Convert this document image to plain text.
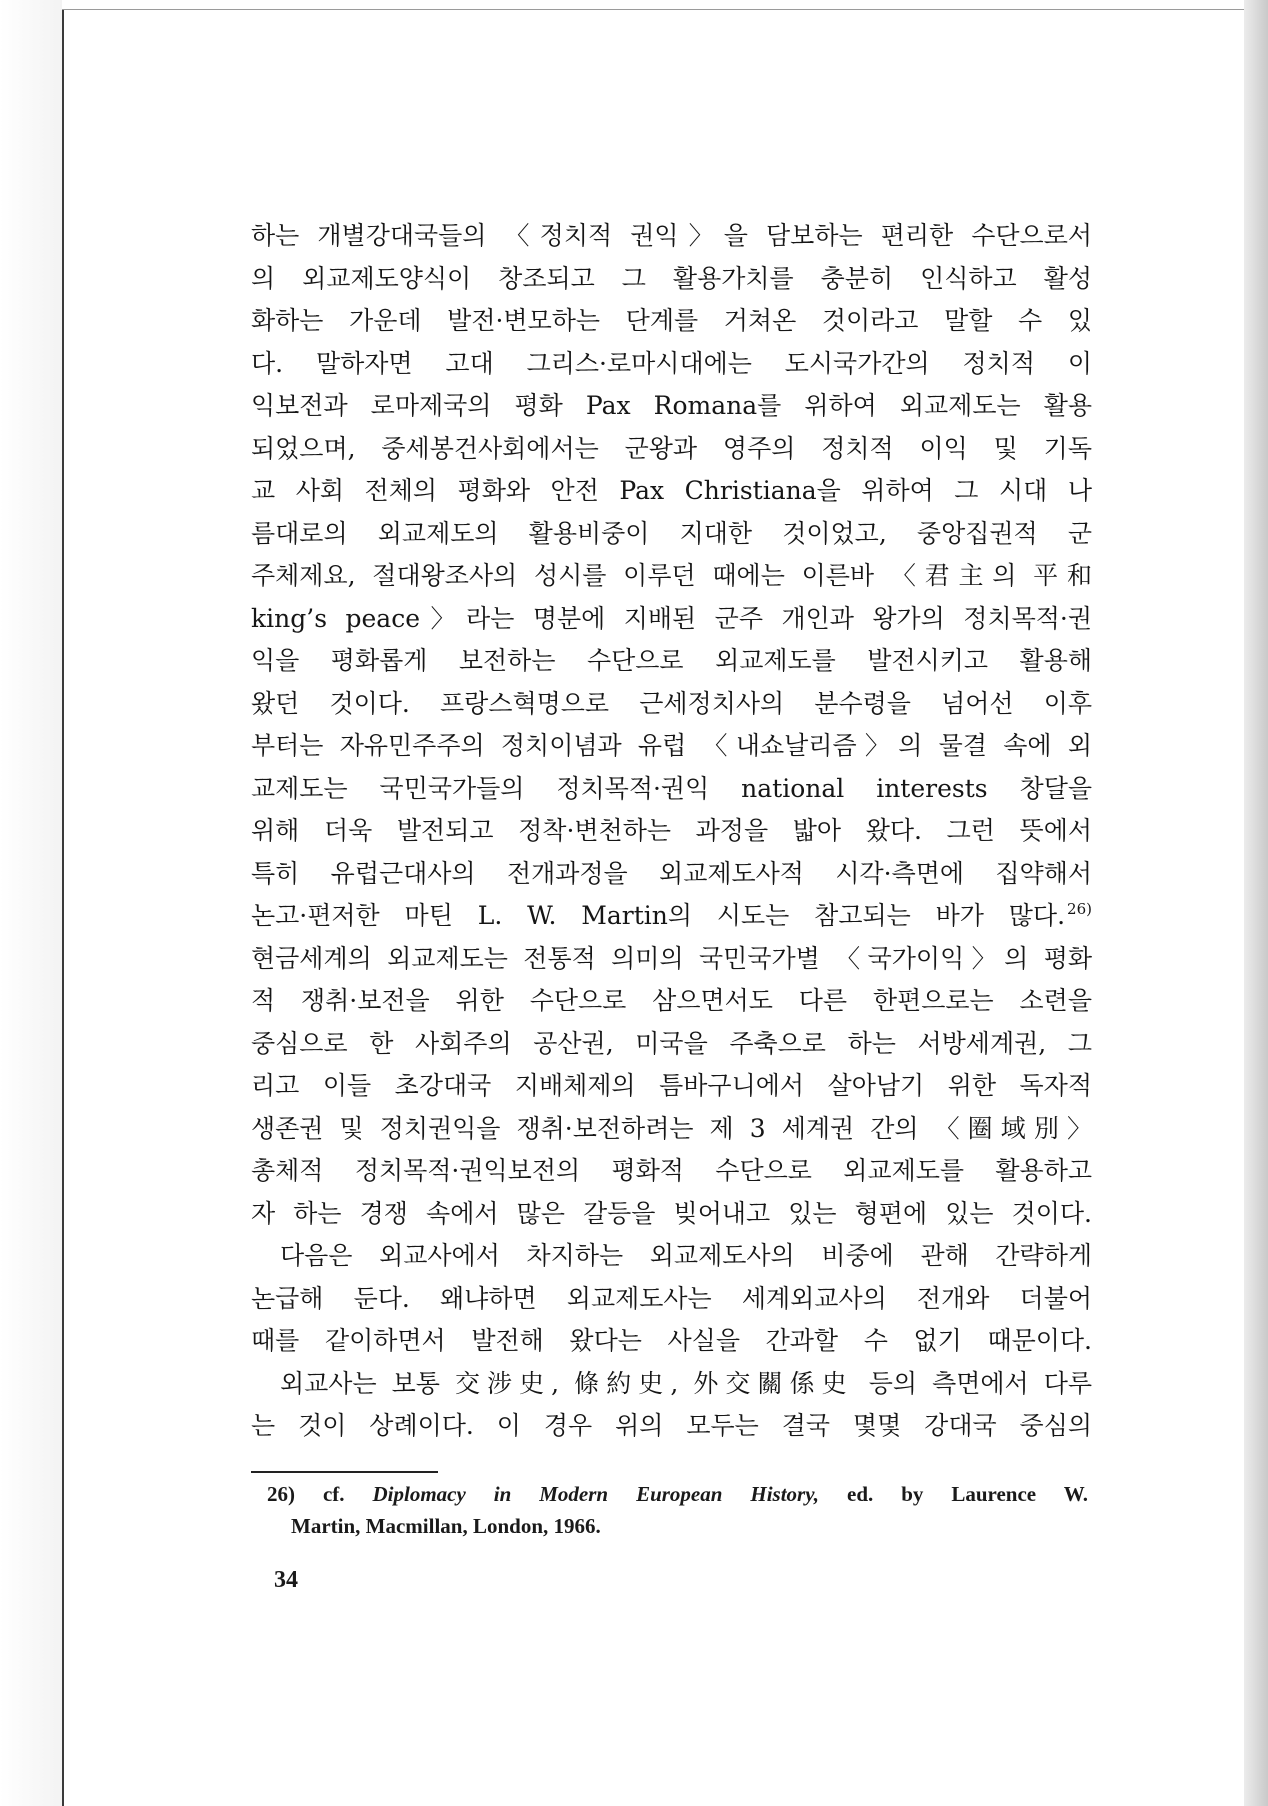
하는 개별강대국들의 〈정치적 권익〉을 담보하는 편리한 수단으로서
의 외교제도양식이 창조되고 그 활용가치를 충분히 인식하고 활성
화하는 가운데 발전·변모하는 단계를 거쳐온 것이라고 말할 수 있
다. 말하자면 고대 그리스·로마시대에는 도시국가간의 정치적 이
익보전과 로마제국의 평화 Pax Romana를 위하여 외교제도는 활용
되었으며, 중세봉건사회에서는 군왕과 영주의 정치적 이익 및 기독
교 사회 전체의 평화와 안전 Pax Christiana을 위하여 그 시대 나
름대로의 외교제도의 활용비중이 지대한 것이었고, 중앙집권적 군
주체제요, 절대왕조사의 성시를 이루던 때에는 이른바 〈君主의 平和
king’s peace〉라는 명분에 지배된 군주 개인과 왕가의 정치목적·권
익을 평화롭게 보전하는 수단으로 외교제도를 발전시키고 활용해
왔던 것이다. 프랑스혁명으로 근세정치사의 분수령을 넘어선 이후
부터는 자유민주주의 정치이념과 유럽 〈내쇼날리즘〉의 물결 속에 외
교제도는 국민국가들의 정치목적·권익 national interests 창달을
위해 더욱 발전되고 정착·변천하는 과정을 밟아 왔다. 그런 뜻에서
특히 유럽근대사의 전개과정을 외교제도사적 시각·측면에 집약해서
논고·편저한 마틴 L. W. Martin의 시도는 참고되는 바가 많다. $^{26)}$
현금세계의 외교제도는 전통적 의미의 국민국가별 〈국가이익〉의 평화
적 쟁취·보전을 위한 수단으로 삼으면서도 다른 한편으로는 소련을
중심으로 한 사회주의 공산권, 미국을 주축으로 하는 서방세계권, 그
리고 이들 초강대국 지배체제의 틈바구니에서 살아남기 위한 독자적
생존권 및 정치권익을 쟁취·보전하려는 제 3 세계권 간의 〈圈域別〉
총체적 정치목적·권익보전의 평화적 수단으로 외교제도를 활용하고
자 하는 경쟁 속에서 많은 갈등을 빚어내고 있는 형편에 있는 것이다.
다음은 외교사에서 차지하는 외교제도사의 비중에 관해 간략하게
논급해 둔다. 왜냐하면 외교제도사는 세계외교사의 전개와 더불어
때를 같이하면서 발전해 왔다는 사실을 간과할 수 없기 때문이다.
외교사는 보통 交涉史, 條約史, 外交關係史 등의 측면에서 다루
는 것이 상례이다. 이 경우 위의 모두는 결국 몇몇 강대국 중심의
26) cf. Diplomacy in Modern European History, ed. by Laurence W.
Martin, Macmillan, London, 1966.
34
